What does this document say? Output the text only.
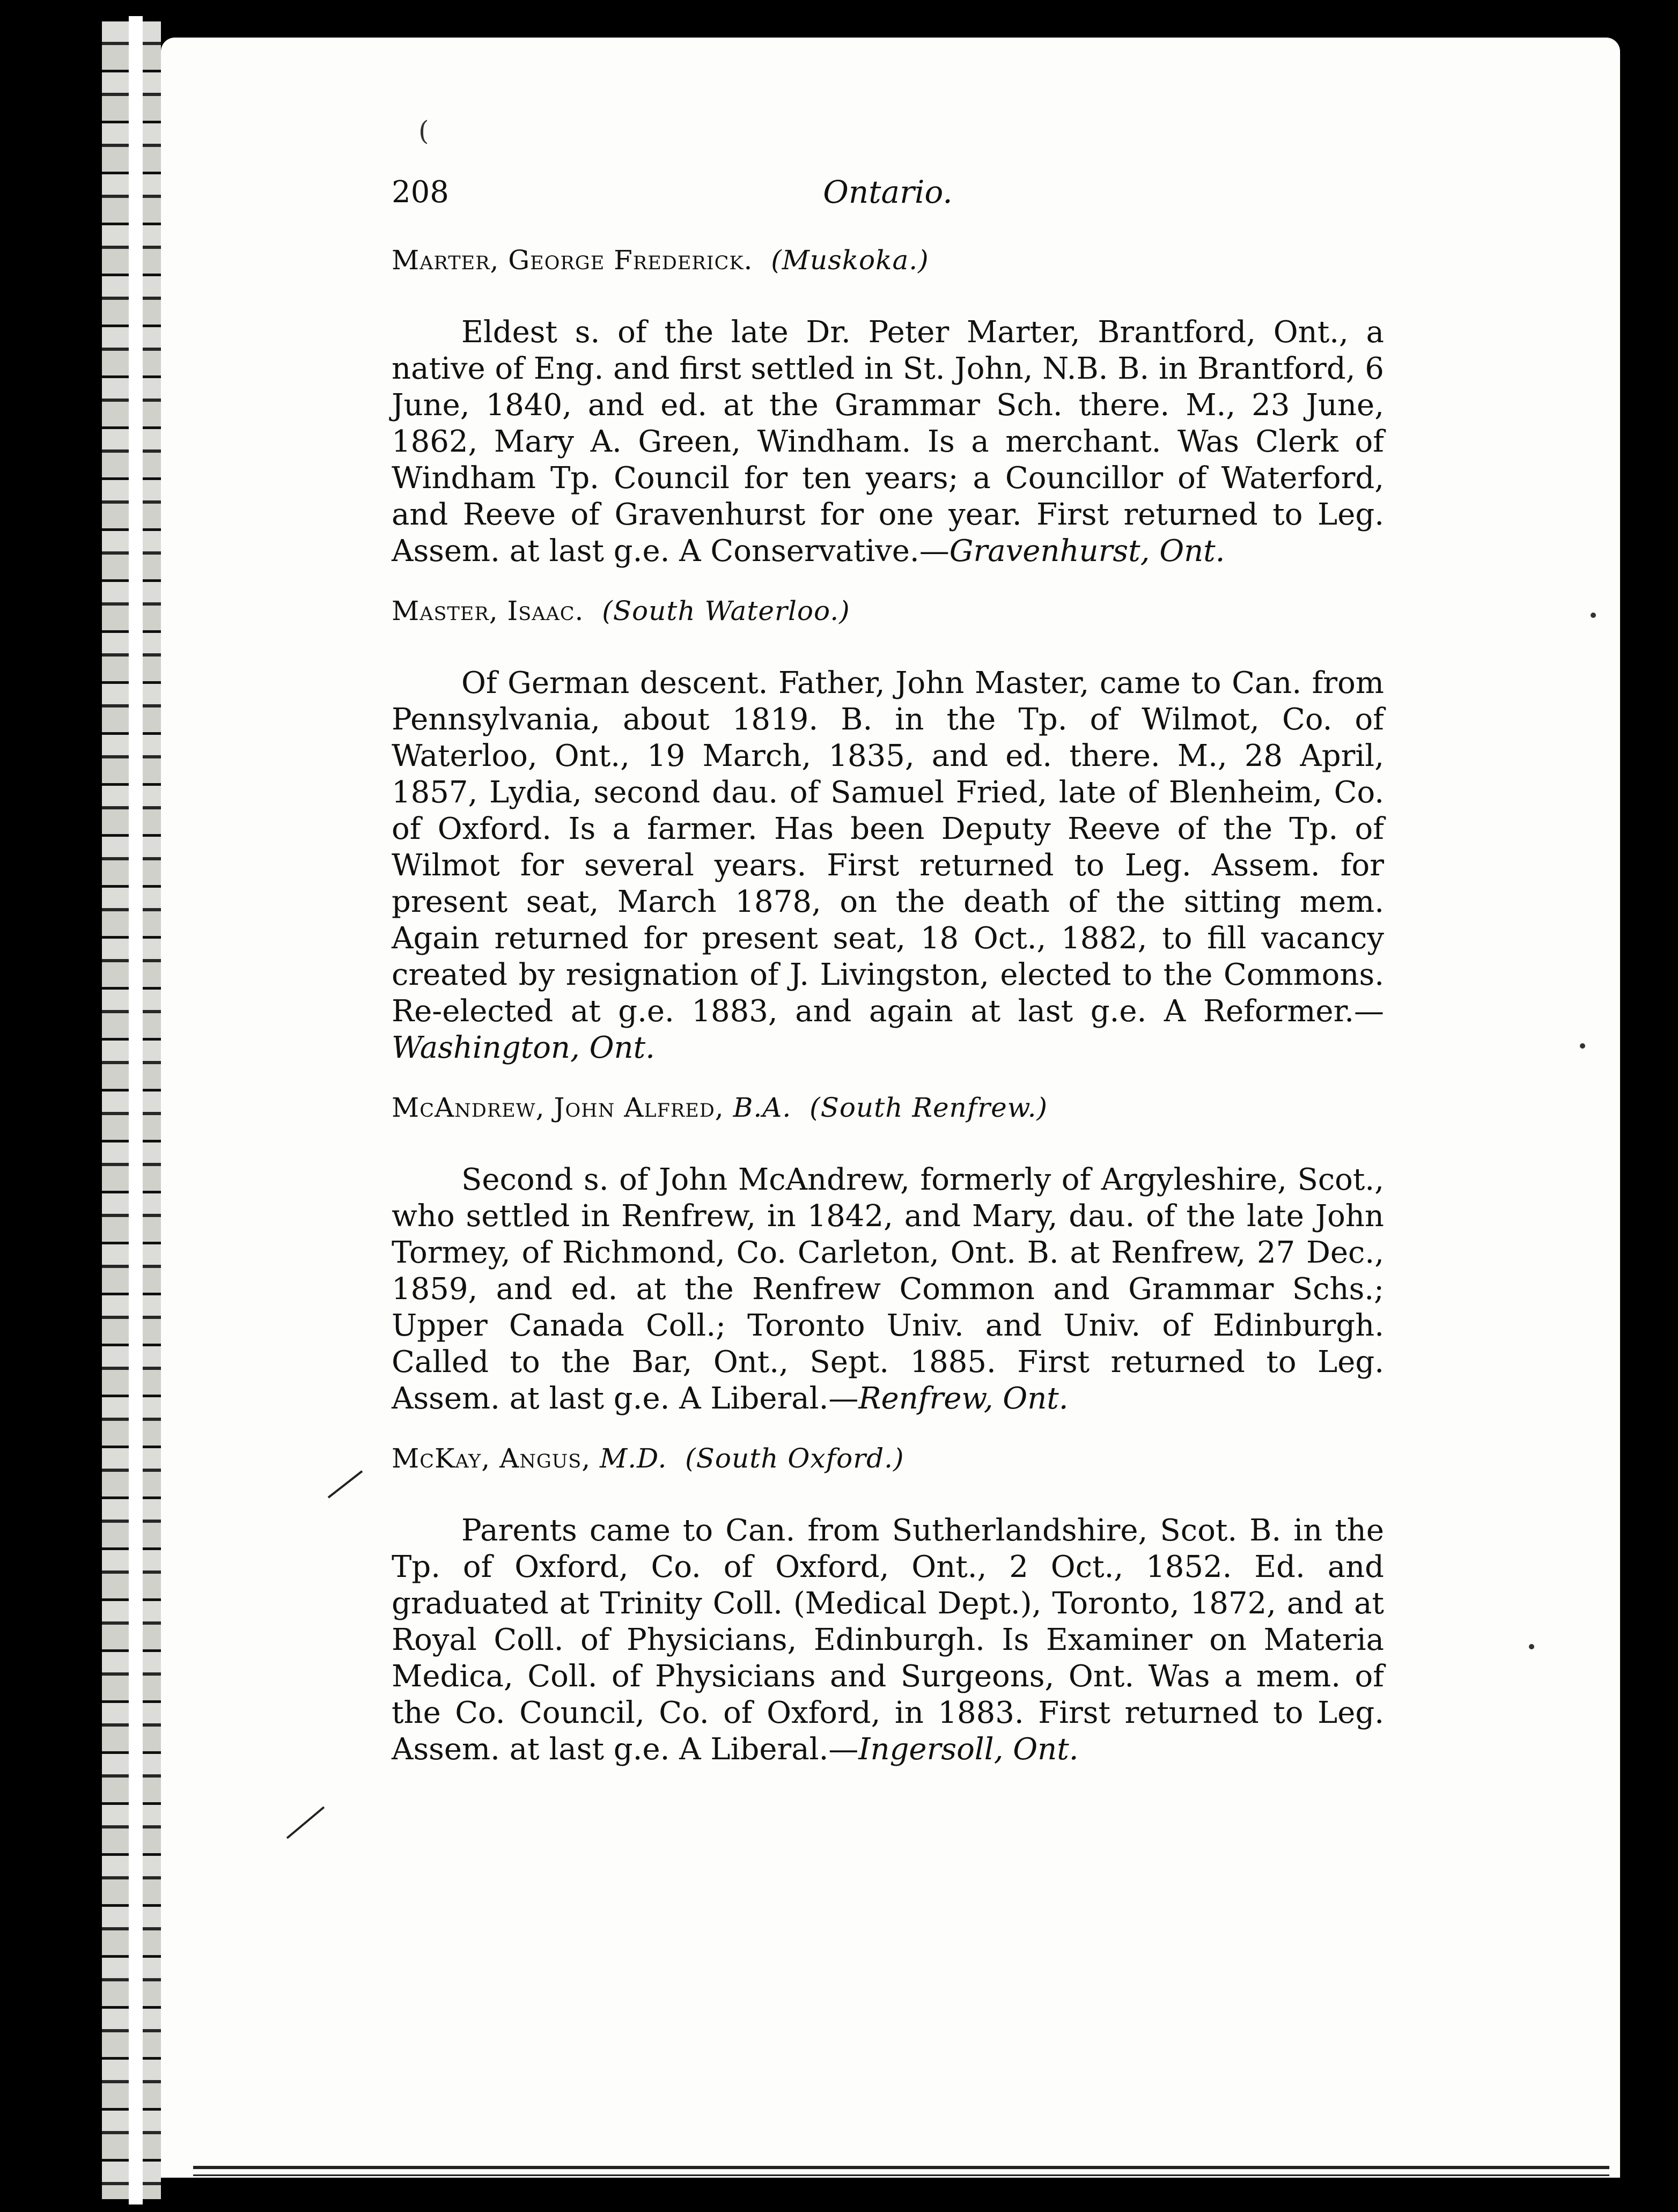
(
208	Ontario.
Marter, George Frederick. (Muskoka.)

Eldest s. of the late Dr. Peter Marter, Brantford, Ont., a native of Eng. and first settled in St. John, N.B. B. in Brantford, 6 June, 1840, and ed. at the Grammar Sch. there. M., 23 June, 1862, Mary A. Green, Windham. Is a merchant. Was Clerk of Windham Tp. Council for ten years; a Councillor of Waterford, and Reeve of Gravenhurst for one year. First returned to Leg. Assem. at last g.e. A Conservative.—Gravenhurst, Ont.

Master, Isaac. (South Waterloo.)

Of German descent. Father, John Master, came to Can. from Pennsylvania, about 1819. B. in the Tp. of Wilmot, Co. of Waterloo, Ont., 19 March, 1835, and ed. there. M., 28 April, 1857, Lydia, second dau. of Samuel Fried, late of Blenheim, Co. of Oxford. Is a farmer. Has been Deputy Reeve of the Tp. of Wilmot for several years. First returned to Leg. Assem. for present seat, March 1878, on the death of the sitting mem. Again returned for present seat, 18 Oct., 1882, to fill vacancy created by resignation of J. Livingston, elected to the Commons. Re-elected at g.e. 1883, and again at last g.e. A Reformer.—Washington, Ont.

McAndrew, John Alfred, B.A. (South Renfrew.)

Second s. of John McAndrew, formerly of Argyleshire, Scot., who settled in Renfrew, in 1842, and Mary, dau. of the late John Tormey, of Richmond, Co. Carleton, Ont. B. at Renfrew, 27 Dec., 1859, and ed. at the Renfrew Common and Grammar Schs.; Upper Canada Coll.; Toronto Univ. and Univ. of Edinburgh. Called to the Bar, Ont., Sept. 1885. First returned to Leg. Assem. at last g.e. A Liberal.—Renfrew, Ont.

McKay, Angus, M.D. (South Oxford.)

Parents came to Can. from Sutherlandshire, Scot. B. in the Tp. of Oxford, Co. of Oxford, Ont., 2 Oct., 1852. Ed. and graduated at Trinity Coll. (Medical Dept.), Toronto, 1872, and at Royal Coll. of Physicians, Edinburgh. Is Examiner on Materia Medica, Coll. of Physicians and Surgeons, Ont. Was a mem. of the Co. Council, Co. of Oxford, in 1883. First returned to Leg. Assem. at last g.e. A Liberal.—Ingersoll, Ont.
